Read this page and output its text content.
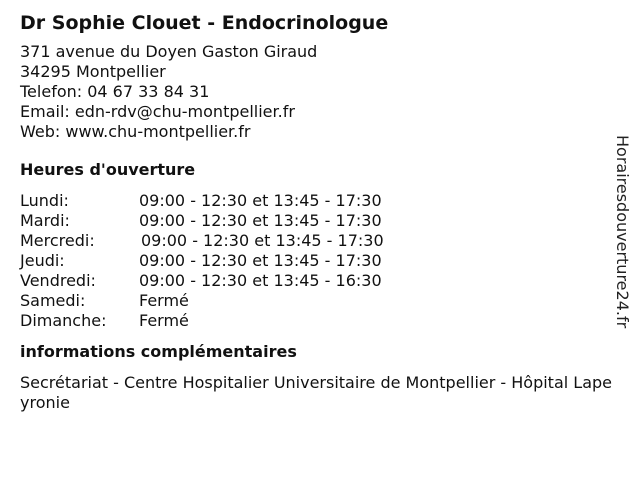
Dr Sophie Clouet - Endocrinologue
371 avenue du Doyen Gaston Giraud
34295 Montpellier
Telefon: 04 67 33 84 31
Email: edn-rdv@chu-montpellier.fr
Web: www.chu-montpellier.fr
Heures d'ouverture
Lundi:	09:00 - 12:30 et 13:45 - 17:30
Mardi:	09:00 - 12:30 et 13:45 - 17:30
Mercredi:	09:00 - 12:30 et 13:45 - 17:30
Jeudi:	09:00 - 12:30 et 13:45 - 17:30
Vendredi:	09:00 - 12:30 et 13:45 - 16:30
Samedi:	Fermé
Dimanche: Fermé
informations complémentaires
Secrétariat - Centre Hospitalier Universitaire de Montpellier - Hôpital Lapeyronie
Horairesdouverture24.fr
